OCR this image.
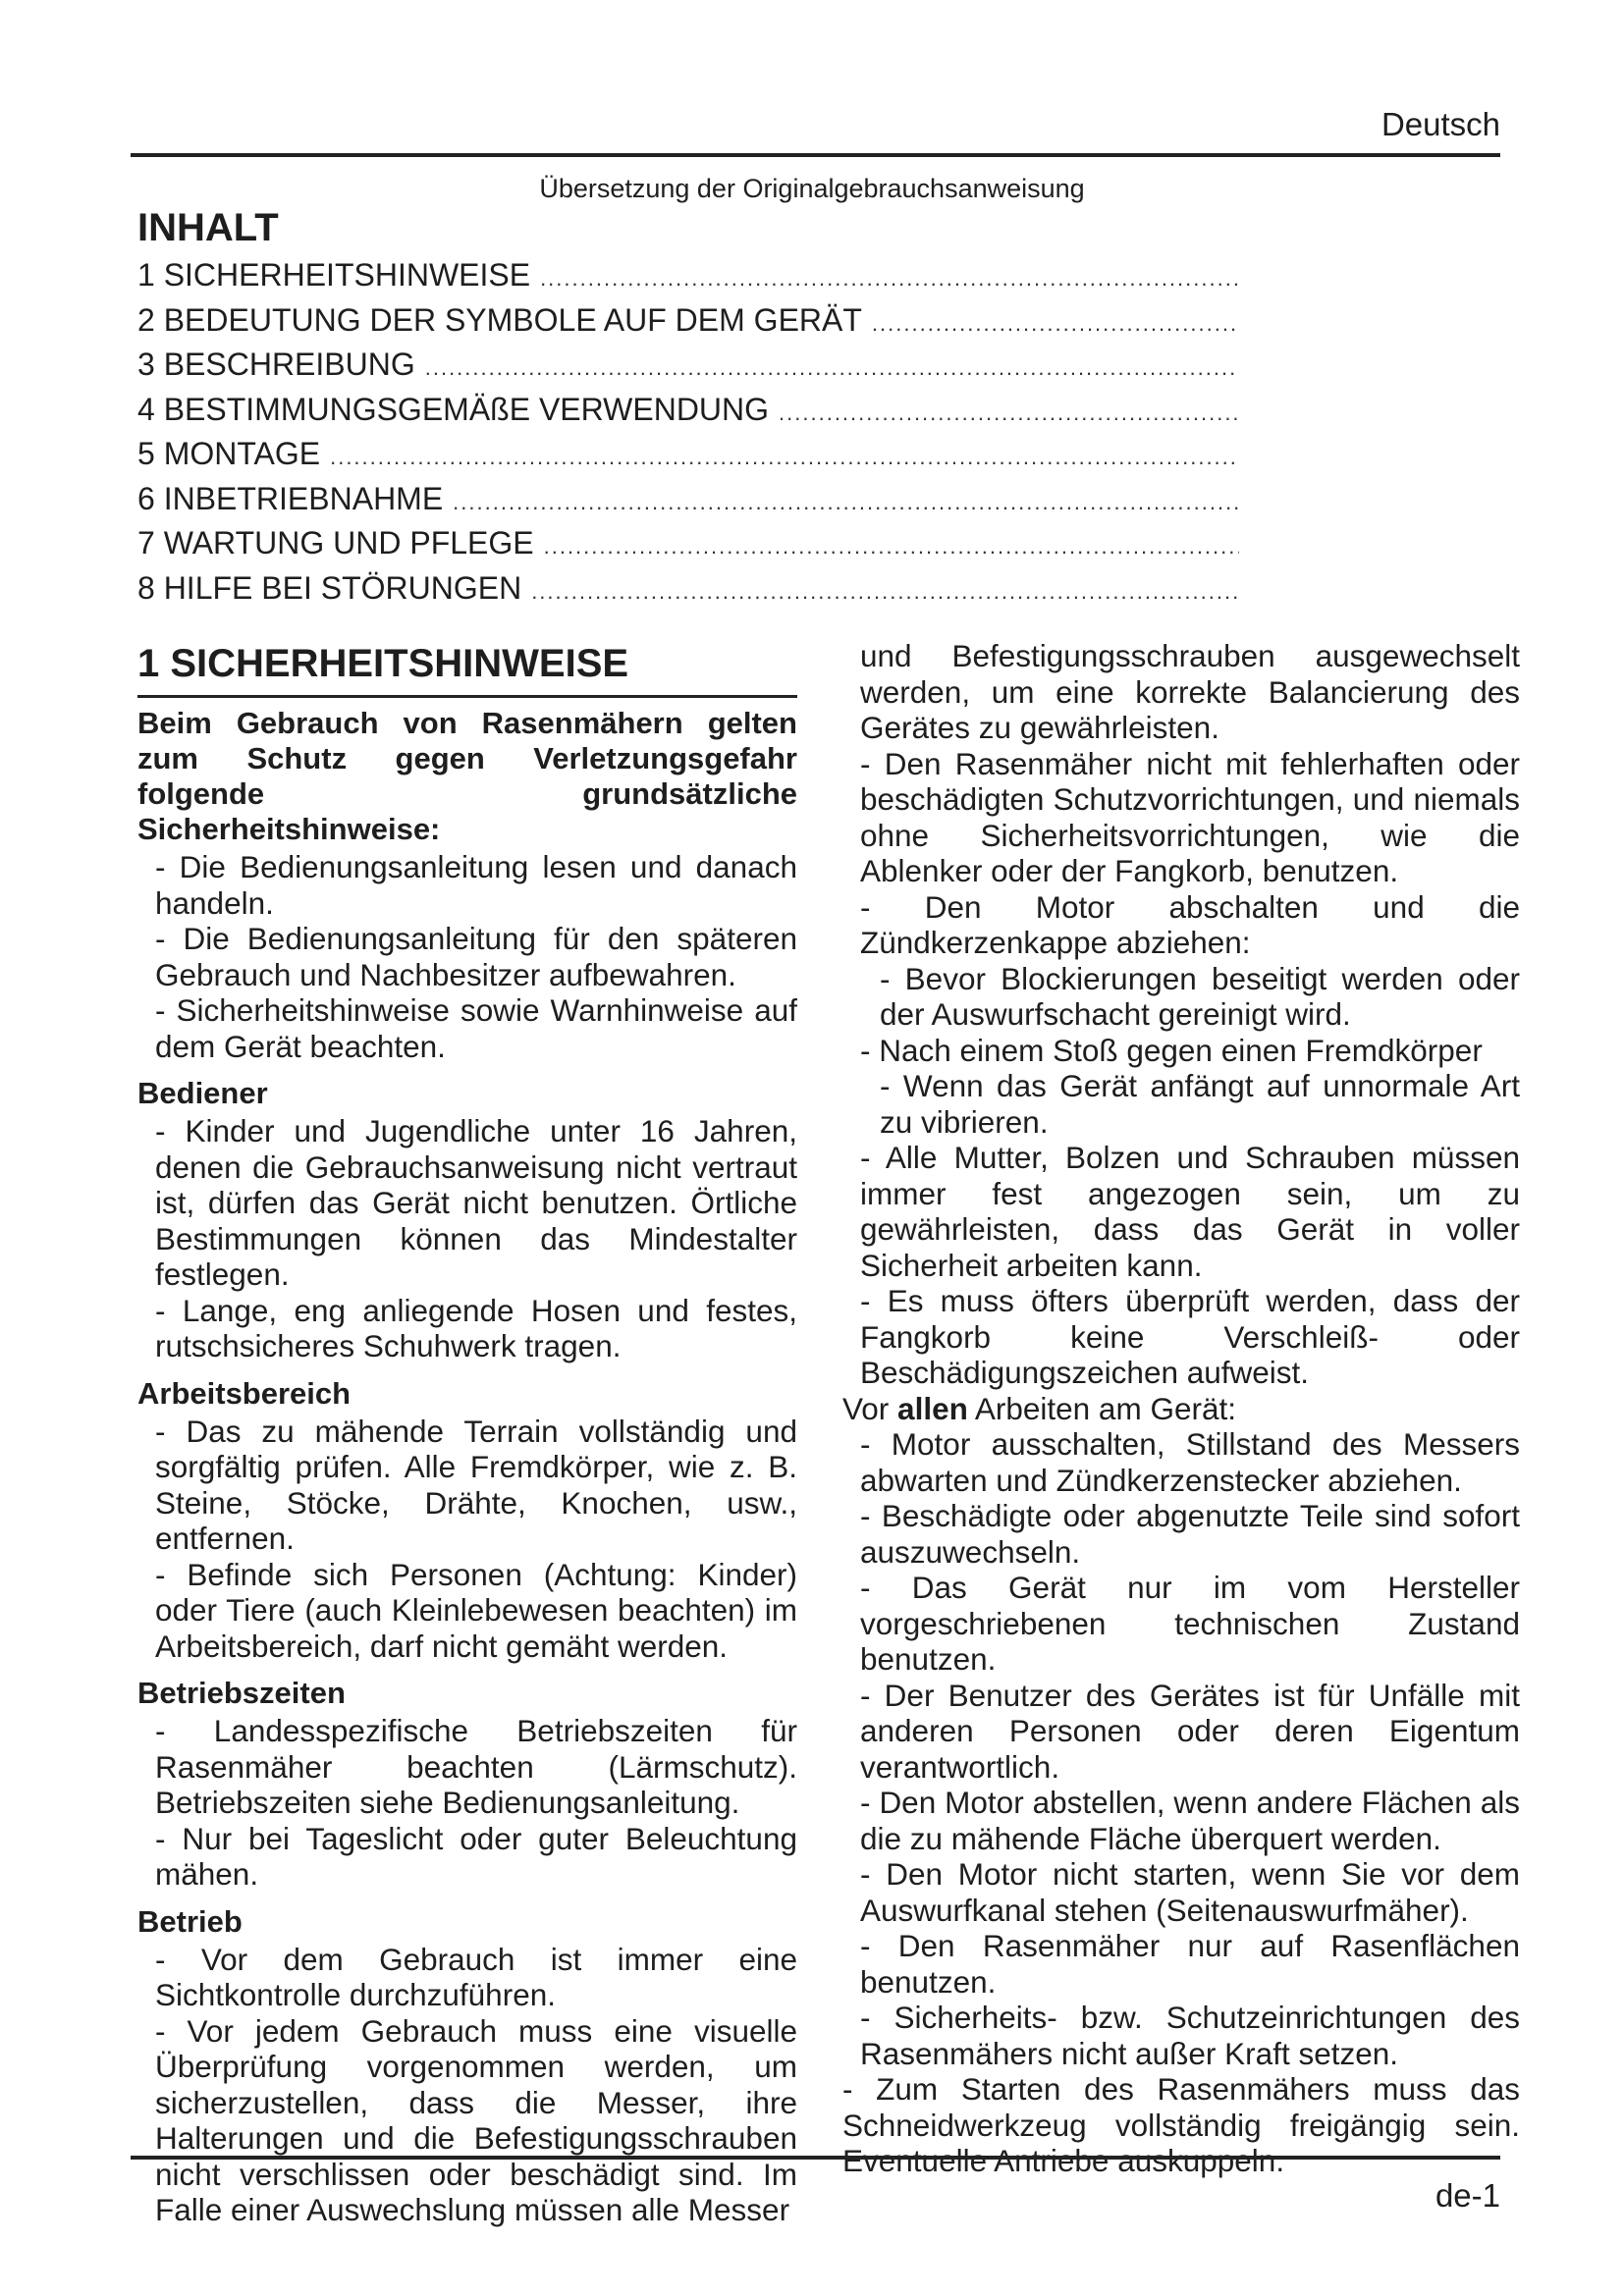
Deutsch
Übersetzung der Originalgebrauchsanweisung
INHALT
1 SICHERHEITSHINWEISE
.....
2 BEDEUTUNG DER SYMBOLE AUF DEM GERÄT
.....
3 BESCHREIBUNG
.....
4 BESTIMMUNGSGEMÄßE VERWENDUNG
.....
5 MONTAGE
.....
6 INBETRIEBNAHME
.....
7 WARTUNG UND PFLEGE
.....
8 HILFE BEI STÖRUNGEN
.....
1 SICHERHEITSHINWEISE

Beim Gebrauch von Rasenmähern gelten zum Schutz gegen Verletzungsgefahr folgende grundsätzliche Sicherheitshinweise:

- Die Bedienungsanleitung lesen und danach handeln.

- Die Bedienungsanleitung für den späteren Gebrauch und Nachbesitzer aufbewahren.

- Sicherheitshinweise sowie Warnhinweise auf dem Gerät beachten.

Bediener

- Kinder und Jugendliche unter 16 Jahren, denen die Gebrauchsanweisung nicht vertraut ist, dürfen das Gerät nicht benutzen. Örtliche Bestimmungen können das Mindestalter festlegen.

- Lange, eng anliegende Hosen und festes, rutschsicheres Schuhwerk tragen.

Arbeitsbereich

- Das zu mähende Terrain vollständig und sorgfältig prüfen. Alle Fremdkörper, wie z. B. Steine, Stöcke, Drähte, Knochen, usw., entfernen.

- Befinde sich Personen (Achtung: Kinder) oder Tiere (auch Kleinlebewesen beachten) im Arbeitsbereich, darf nicht gemäht werden.

Betriebszeiten

- Landesspezifische Betriebszeiten für Rasenmäher beachten (Lärmschutz). Betriebszeiten siehe Bedienungsanleitung.

- Nur bei Tageslicht oder guter Beleuchtung mähen.

Betrieb

- Vor dem Gebrauch ist immer eine Sichtkontrolle durchzuführen.

- Vor jedem Gebrauch muss eine visuelle Überprüfung vorgenommen werden, um sicherzustellen, dass die Messer, ihre Halterungen und die Befestigungsschrauben nicht verschlissen oder beschädigt sind. Im Falle einer Auswechslung müssen alle Messer

und Befestigungsschrauben ausgewechselt werden, um eine korrekte Balancierung des Gerätes zu gewährleisten.

- Den Rasenmäher nicht mit fehlerhaften oder beschädigten Schutzvorrichtungen, und niemals ohne Sicherheitsvorrichtungen, wie die Ablenker oder der Fangkorb, benutzen.

- Den Motor abschalten und die Zündkerzenkappe abziehen:

- Bevor Blockierungen beseitigt werden oder der Auswurfschacht gereinigt wird.

- Nach einem Stoß gegen einen Fremdkörper

- Wenn das Gerät anfängt auf unnormale Art zu vibrieren.

- Alle Mutter, Bolzen und Schrauben müssen immer fest angezogen sein, um zu gewährleisten, dass das Gerät in voller Sicherheit arbeiten kann.

- Es muss öfters überprüft werden, dass der Fangkorb keine Verschleiß- oder Beschädigungszeichen aufweist.

Vor allen Arbeiten am Gerät:

- Motor ausschalten, Stillstand des Messers abwarten und Zündkerzenstecker abziehen.

- Beschädigte oder abgenutzte Teile sind sofort auszuwechseln.

- Das Gerät nur im vom Hersteller vorgeschriebenen technischen Zustand benutzen.

- Der Benutzer des Gerätes ist für Unfälle mit anderen Personen oder deren Eigentum verantwortlich.

- Den Motor abstellen, wenn andere Flächen als die zu mähende Fläche überquert werden.

- Den Motor nicht starten, wenn Sie vor dem Auswurfkanal stehen (Seitenauswurfmäher).

- Den Rasenmäher nur auf Rasenflächen benutzen.

- Sicherheits- bzw. Schutzeinrichtungen des Rasenmähers nicht außer Kraft setzen.

- Zum Starten des Rasenmähers muss das Schneidwerkzeug vollständig freigängig sein. Eventuelle Antriebe auskuppeln.

de-1
